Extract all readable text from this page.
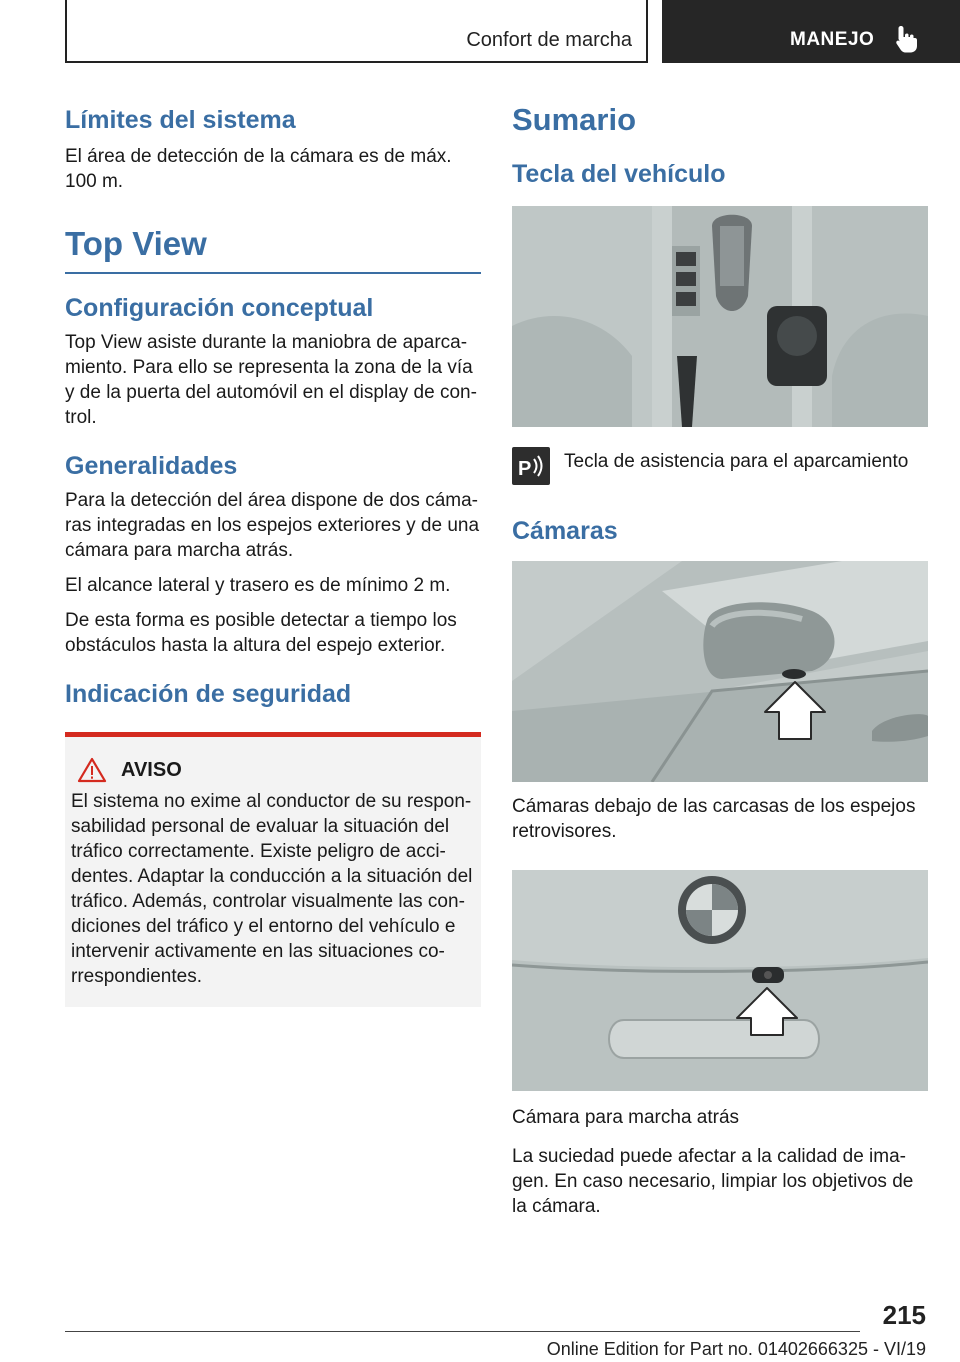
Confort de marcha	MANEJO
Límites del sistema

El área de detección de la cámara es de máx. 100 m.

Top View
Configuración conceptual

Top View asiste durante la maniobra de aparca-miento. Para ello se representa la zona de la vía y de la puerta del automóvil en el display de con-trol.

Generalidades

Para la detección del área dispone de dos cáma-ras integradas en los espejos exteriores y de una cámara para marcha atrás.

El alcance lateral y trasero es de mínimo 2 m.

De esta forma es posible detectar a tiempo los obstáculos hasta la altura del espejo exterior.

Indicación de seguridad
AVISO

El sistema no exime al conductor de su respon-sabilidad personal de evaluar la situación del tráfico correctamente. Existe peligro de acci-dentes. Adaptar la conducción a la situación del tráfico. Además, controlar visualmente las con-diciones del tráfico y el entorno del vehículo e intervenir activamente en las situaciones co-rrespondientes.

Sumario
Tecla del vehículo
P Tecla de asistencia para el aparcamiento

Cámaras

Cámaras debajo de las carcasas de los espejos retrovisores.

Cámara para marcha atrás

La suciedad puede afectar a la calidad de ima-gen. En caso necesario, limpiar los objetivos de la cámara.

215
Online Edition for Part no. 01402666325 - VI/19
